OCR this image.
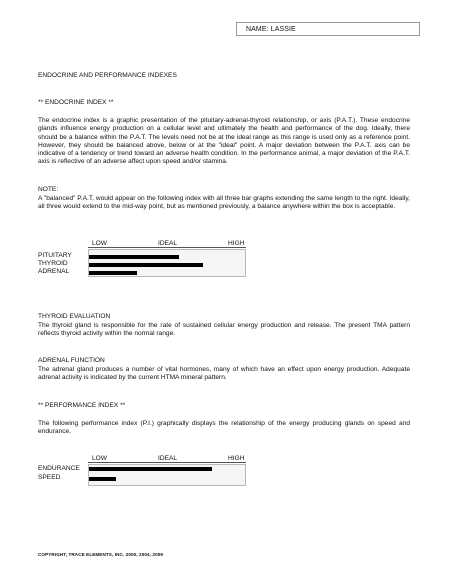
NAME: LASSIE
ENDOCRINE AND PERFORMANCE INDEXES
** ENDOCRINE INDEX **
The endocrine index is a graphic presentation of the pituitary-adrenal-thyroid relationship, or axis (P.A.T.). These endocrine glands influence energy production on a cellular level and ultimately the health and performance of the dog. Ideally, there should be a balance within the P.A.T. The levels need not be at the ideal range as this range is used only as a reference point. However, they should be balanced above, below or at the "ideal" point. A major deviation between the P.A.T. axis can be indicative of a tendency or trend toward an adverse health condition. In the performance animal, a major deviation of the P.A.T. axis is reflective of an adverse affect upon speed and/or stamina.
NOTE:
A "balanced" P.A.T. would appear on the following index with all three bar graphs extending the same length to the right. Ideally, all three would extend to the mid-way point, but as mentioned previously, a balance anywhere within the box is acceptable.
LOW	IDEAL	HIGH
PITUITARY
THYROID
ADRENAL
THYROID EVALUATION
The thyroid gland is responsible for the rate of sustained cellular energy production and release. The present TMA pattern reflects thyroid activity within the normal range.
ADRENAL FUNCTION
The adrenal gland produces a number of vital hormones, many of which have an effect upon energy production. Adequate adrenal activity is indicated by the current HTMA mineral pattern.
** PERFORMANCE INDEX **
The following performance index (P.I.) graphically displays the relationship of the energy producing glands on speed and endurance.
LOW	IDEAL	HIGH
ENDURANCE
SPEED
COPYRIGHT, TRACE ELEMENTS, INC. 2000, 2004, 2009
